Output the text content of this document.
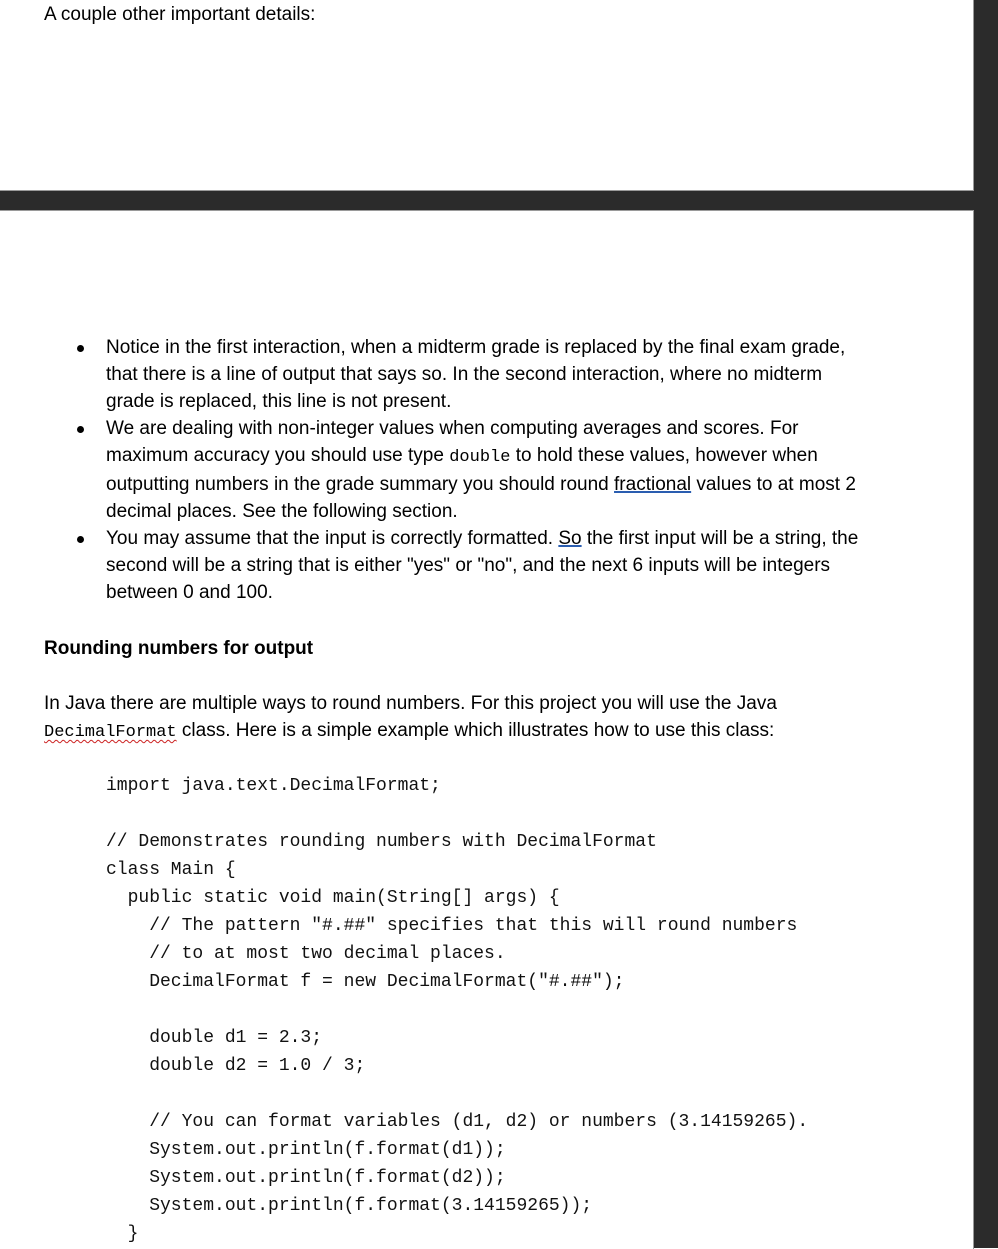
A couple other important details:
Notice in the first interaction, when a midterm grade is replaced by the final exam grade, that there is a line of output that says so. In the second interaction, where no midterm grade is replaced, this line is not present.
We are dealing with non-integer values when computing averages and scores. For maximum accuracy you should use type double to hold these values, however when outputting numbers in the grade summary you should round fractional values to at most 2 decimal places. See the following section.
You may assume that the input is correctly formatted. So the first input will be a string, the second will be a string that is either "yes" or "no", and the next 6 inputs will be integers between 0 and 100.
Rounding numbers for output

In Java there are multiple ways to round numbers. For this project you will use the Java DecimalFormat class. Here is a simple example which illustrates how to use this class:

import java.text.DecimalFormat;
// Demonstrates rounding numbers with DecimalFormat
class Main {
public static void main(String[] args) {
// The pattern "#.##" specifies that this will round numbers
// to at most two decimal places.
DecimalFormat f = new DecimalFormat("#.##");
double d1 = 2.3;
double d2 = 1.0 / 3;
// You can format variables (d1, d2) or numbers (3.14159265).
System.out.println(f.format(d1));
System.out.println(f.format(d2));
System.out.println(f.format(3.14159265));
}
